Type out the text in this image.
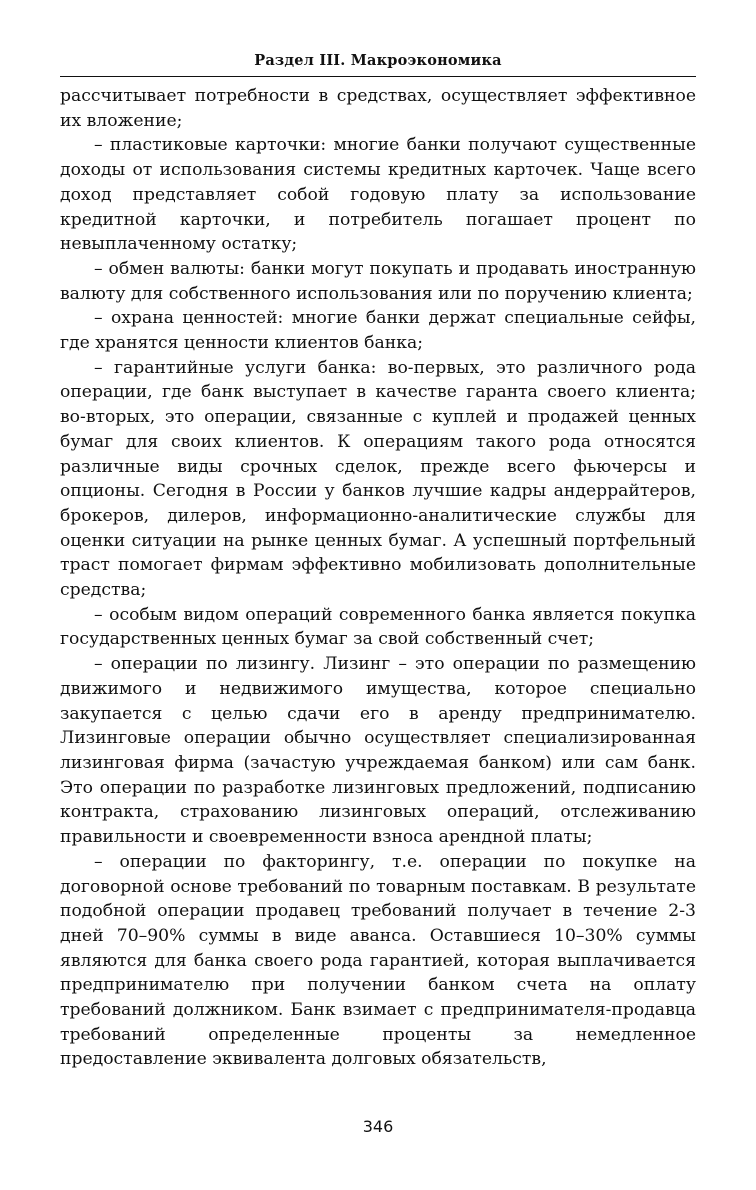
Раздел III. Макроэкономика

рассчитывает потребности в средствах, осуществляет эффективное их вложение;

– пластиковые карточки: многие банки получают существенные доходы от использования системы кредитных карточек. Чаще всего доход представляет собой годовую плату за использование кредитной карточки, и потребитель погашает процент по невыплаченному остатку;

– обмен валюты: банки могут покупать и продавать иностранную валюту для собственного использования или по поручению клиента;

– охрана ценностей: многие банки держат специальные сейфы, где хранятся ценности клиентов банка;

– гарантийные услуги банка: во-первых, это различного рода операции, где банк выступает в качестве гаранта своего клиента; во-вторых, это операции, связанные с куплей и продажей ценных бумаг для своих клиентов. К операциям такого рода относятся различные виды срочных сделок, прежде всего фьючерсы и опционы. Сегодня в России у банков лучшие кадры андеррайтеров, брокеров, дилеров, информационно-аналитические службы для оценки ситуации на рынке ценных бумаг. А успешный портфельный траст помогает фирмам эффективно мобилизовать дополнительные средства;

– особым видом операций современного банка является покупка государственных ценных бумаг за свой собственный счет;

– операции по лизингу. Лизинг – это операции по размещению движимого и недвижимого имущества, которое специально закупается с целью сдачи его в аренду предпринимателю. Лизинговые операции обычно осуществляет специализированная лизинговая фирма (зачастую учреждаемая банком) или сам банк. Это операции по разработке лизинговых предложений, подписанию контракта, страхованию лизинговых операций, отслеживанию правильности и своевременности взноса арендной платы;

– операции по факторингу, т.е. операции по покупке на договорной основе требований по товарным поставкам. В результате подобной операции продавец требований получает в течение 2-3 дней 70–90% суммы в виде аванса. Оставшиеся 10–30% суммы являются для банка своего рода гарантией, которая выплачивается предпринимателю при получении банком счета на оплату требований должником. Банк взимает с предпринимателя-продавца требований определенные проценты за немедленное предоставление эквивалента долговых обязательств,

346
